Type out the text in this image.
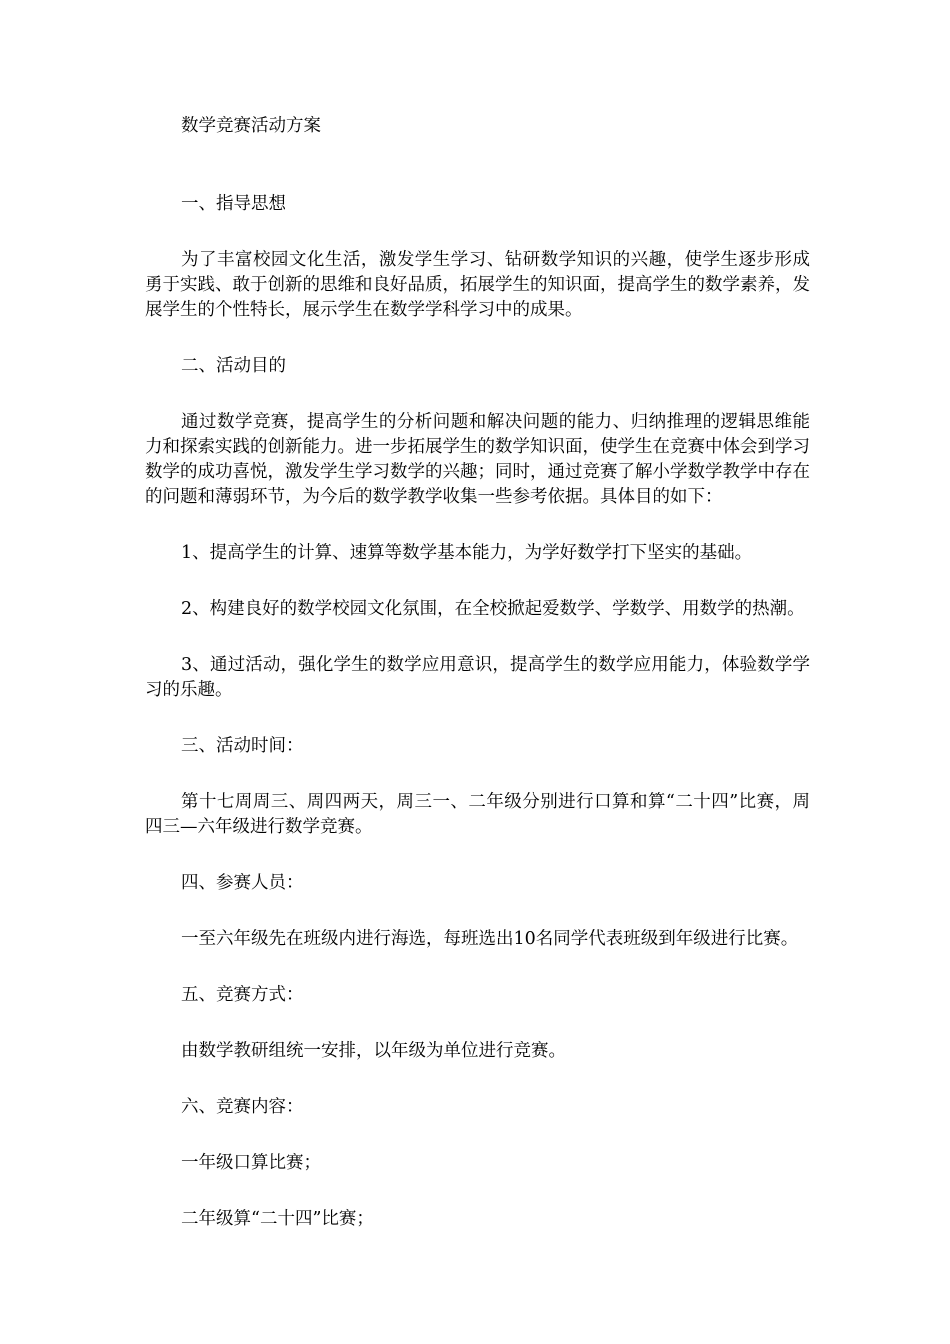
数学竞赛活动方案
一、指导思想

为了丰富校园文化生活，激发学生学习、钻研数学知识的兴趣，使学生逐步形成勇于实践、敢于创新的思维和良好品质，拓展学生的知识面，提高学生的数学素养，发展学生的个性特长，展示学生在数学学科学习中的成果。

二、活动目的

通过数学竞赛，提高学生的分析问题和解决问题的能力、归纳推理的逻辑思维能力和探索实践的创新能力。进一步拓展学生的数学知识面，使学生在竞赛中体会到学习数学的成功喜悦，激发学生学习数学的兴趣；同时，通过竞赛了解小学数学教学中存在的问题和薄弱环节，为今后的数学教学收集一些参考依据。具体目的如下：

1、提高学生的计算、速算等数学基本能力，为学好数学打下坚实的基础。

2、构建良好的数学校园文化氛围，在全校掀起爱数学、学数学、用数学的热潮。

3、通过活动，强化学生的数学应用意识，提高学生的数学应用能力，体验数学学习的乐趣。

三、活动时间：

第十七周周三、周四两天，周三一、二年级分别进行口算和算“二十四”比赛，周四三—六年级进行数学竞赛。

四、参赛人员：

一至六年级先在班级内进行海选，每班选出10名同学代表班级到年级进行比赛。

五、竞赛方式：

由数学教研组统一安排，以年级为单位进行竞赛。

六、竞赛内容：

一年级口算比赛；

二年级算“二十四”比赛；
